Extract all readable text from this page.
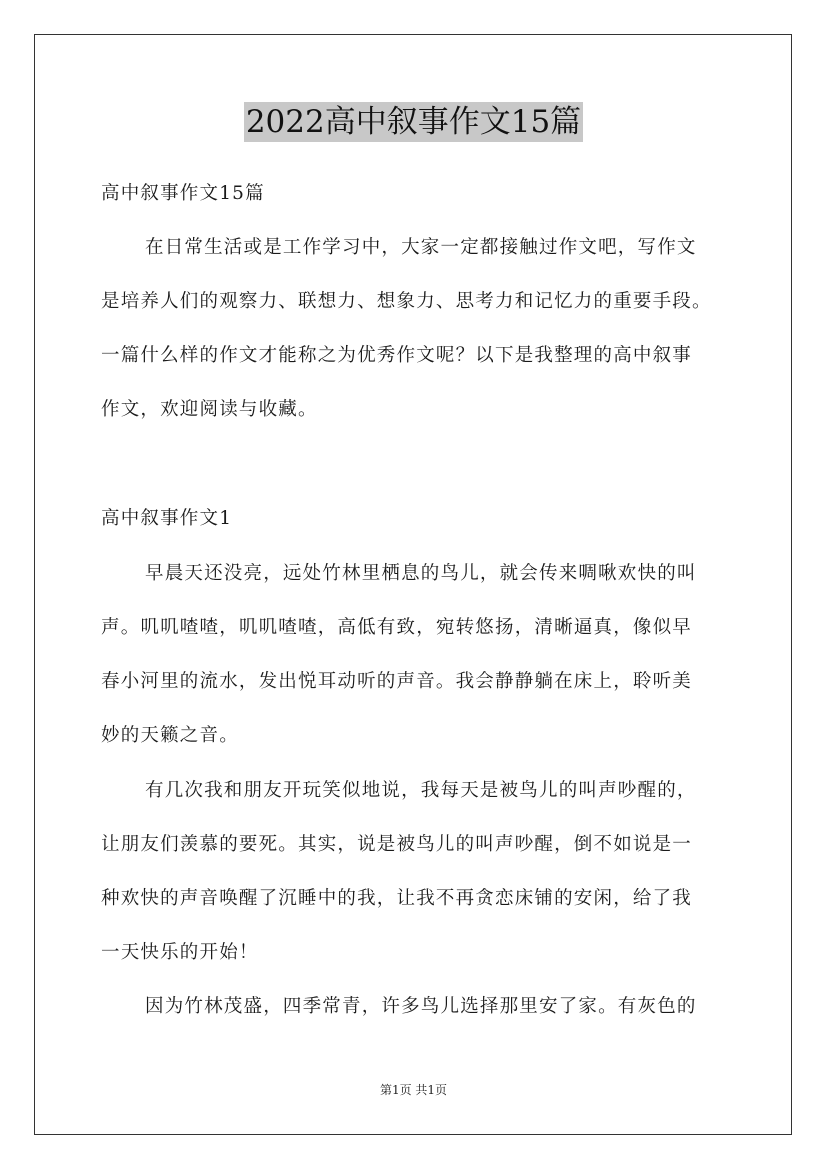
2022高中叙事作文15篇
高中叙事作文15篇
在日常生活或是工作学习中，大家一定都接触过作文吧，写作文
是培养人们的观察力、联想力、想象力、思考力和记忆力的重要手段。
一篇什么样的作文才能称之为优秀作文呢？以下是我整理的高中叙事
作文，欢迎阅读与收藏。
高中叙事作文1
早晨天还没亮，远处竹林里栖息的鸟儿，就会传来啁啾欢快的叫
声。叽叽喳喳，叽叽喳喳，高低有致，宛转悠扬，清晰逼真，像似早
春小河里的流水，发出悦耳动听的声音。我会静静躺在床上，聆听美
妙的天籁之音。
有几次我和朋友开玩笑似地说，我每天是被鸟儿的叫声吵醒的，
让朋友们羡慕的要死。其实，说是被鸟儿的叫声吵醒，倒不如说是一
种欢快的声音唤醒了沉睡中的我，让我不再贪恋床铺的安闲，给了我
一天快乐的开始！
因为竹林茂盛，四季常青，许多鸟儿选择那里安了家。有灰色的
第1页 共1页
